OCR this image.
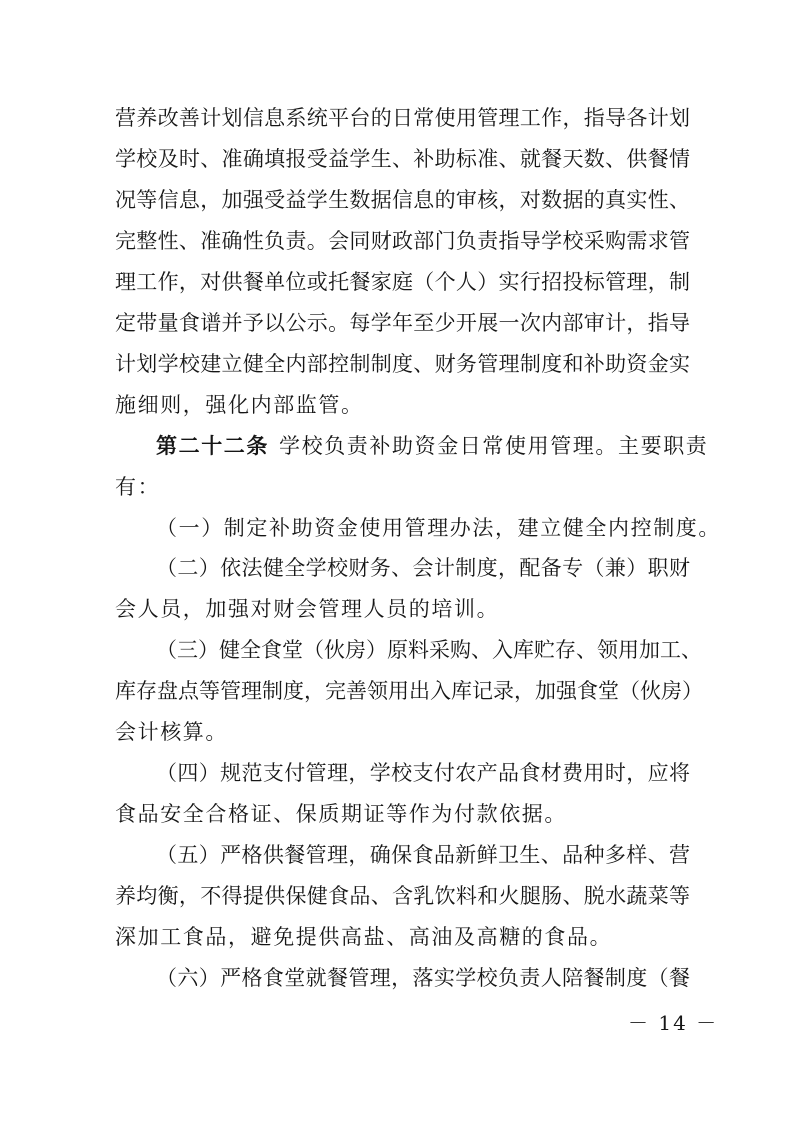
营养改善计划信息系统平台的日常使用管理工作，指导各计划
学校及时、准确填报受益学生、补助标准、就餐天数、供餐情
况等信息，加强受益学生数据信息的审核，对数据的真实性、
完整性、准确性负责。会同财政部门负责指导学校采购需求管
理工作，对供餐单位或托餐家庭（个人）实行招投标管理，制
定带量食谱并予以公示。每学年至少开展一次内部审计，指导
计划学校建立健全内部控制制度、财务管理制度和补助资金实
施细则，强化内部监管。
第二十二条 学校负责补助资金日常使用管理。主要职责
有：
（一）制定补助资金使用管理办法，建立健全内控制度。
（二）依法健全学校财务、会计制度，配备专（兼）职财
会人员，加强对财会管理人员的培训。
（三）健全食堂（伙房）原料采购、入库贮存、领用加工、
库存盘点等管理制度，完善领用出入库记录，加强食堂（伙房）
会计核算。
（四）规范支付管理，学校支付农产品食材费用时，应将
食品安全合格证、保质期证等作为付款依据。
（五）严格供餐管理，确保食品新鲜卫生、品种多样、营
养均衡，不得提供保健食品、含乳饮料和火腿肠、脱水蔬菜等
深加工食品，避免提供高盐、高油及高糖的食品。
（六）严格食堂就餐管理，落实学校负责人陪餐制度（餐
－ 14 －
